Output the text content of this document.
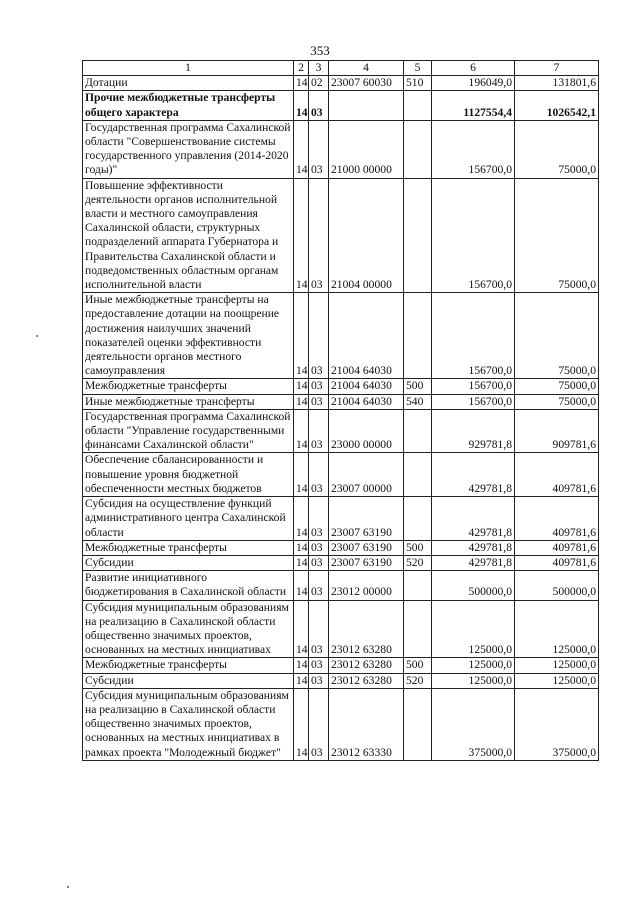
353
1	2	3	4	5	6	7
Дотации	14	02	23007 60030	510	196049,0	131801,6
Прочие межбюджетные трансферты общего характера	14	03			1127554,4	1026542,1
Государственная программа Сахалинской области "Совершенствование системы государственного управления (2014-2020 годы)"	14	03	21000 00000		156700,0	75000,0
Повышение эффективности деятельности органов исполнительной власти и местного самоуправления Сахалинской области, структурных подразделений аппарата Губернатора и Правительства Сахалинской области и подведомственных областным органам исполнительной власти	14	03	21004 00000		156700,0	75000,0
Иные межбюджетные трансферты на предоставление дотации на поощрение достижения наилучших значений показателей оценки эффективности деятельности органов местного самоуправления	14	03	21004 64030		156700,0	75000,0
Межбюджетные трансферты	14	03	21004 64030	500	156700,0	75000,0
Иные межбюджетные трансферты	14	03	21004 64030	540	156700,0	75000,0
Государственная программа Сахалинской области "Управление государственными финансами Сахалинской области"	14	03	23000 00000		929781,8	909781,6
Обеспечение сбалансированности и повышение уровня бюджетной обеспеченности местных бюджетов	14	03	23007 00000		429781,8	409781,6
Субсидия на осуществление функций административного центра Сахалинской области	14	03	23007 63190		429781,8	409781,6
Межбюджетные трансферты	14	03	23007 63190	500	429781,8	409781,6
Субсидии	14	03	23007 63190	520	429781,8	409781,6
Развитие инициативного бюджетирования в Сахалинской области	14	03	23012 00000		500000,0	500000,0
Субсидия муниципальным образованиям на реализацию в Сахалинской области общественно значимых проектов, основанных на местных инициативах	14	03	23012 63280		125000,0	125000,0
Межбюджетные трансферты	14	03	23012 63280	500	125000,0	125000,0
Субсидии	14	03	23012 63280	520	125000,0	125000,0
Субсидия муниципальным образованиям на реализацию в Сахалинской области общественно значимых проектов, основанных на местных инициативах в рамках проекта "Молодежный бюджет"	14	03	23012 63330		375000,0	375000,0
